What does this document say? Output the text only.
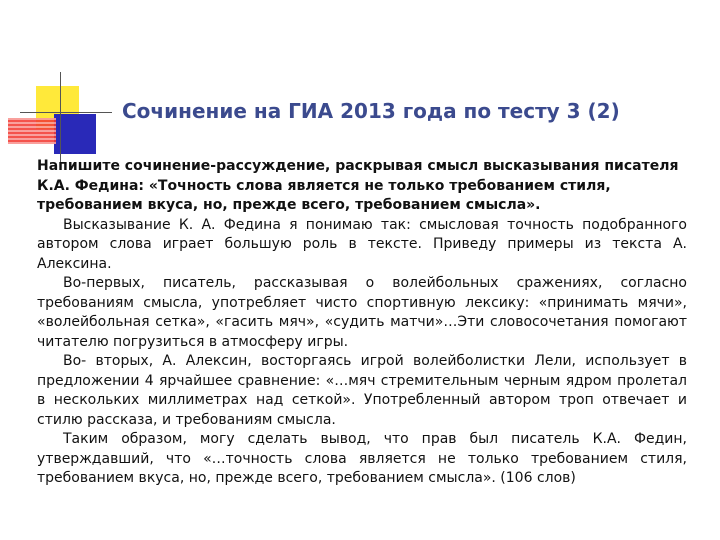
Сочинение на ГИА 2013 года по тесту 3 (2)

Напишите сочинение-рассуждение, раскрывая смысл высказывания писателя К.А. Федина: «Точность слова является не только требованием стиля, требованием вкуса, но, прежде всего, требованием смысла».

Высказывание К. А. Федина я понимаю так: смысловая точность подобранного автором слова играет большую роль в тексте. Приведу примеры из текста А. Алексина.

Во-первых, писатель, рассказывая о волейбольных сражениях, согласно требованиям смысла, употребляет чисто спортивную лексику: «принимать мячи», «волейбольная сетка», «гасить мяч», «судить матчи»…Эти словосочетания помогают читателю погрузиться в атмосферу игры.

Во- вторых, А. Алексин, восторгаясь игрой волейболистки Лели, использует в предложении 4 ярчайшее сравнение: «…мяч стремительным черным ядром пролетал в нескольких миллиметрах над сеткой». Употребленный автором троп отвечает и стилю рассказа, и требованиям смысла.

Таким образом, могу сделать вывод, что прав был писатель К.А. Федин, утверждавший, что «…точность слова является не только требованием стиля, требованием вкуса, но, прежде всего, требованием смысла». (106 слов)
